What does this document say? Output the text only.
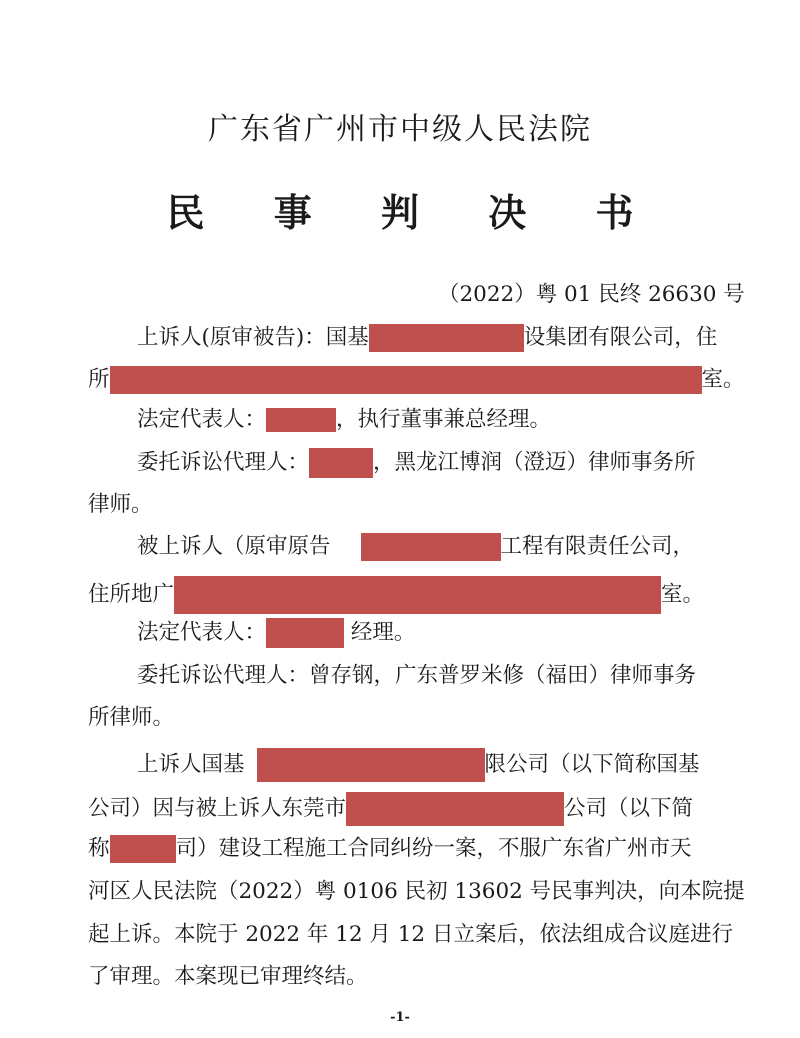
广东省广州市中级人民法院
民 事 判 决 书
（2022）粤 01 民终 26630 号
上诉人(原审被告)：国基	设集团有限公司，住
所	室。
法定代表人：	，执行董事兼总经理。
委托诉讼代理人：	，黑龙江博润（澄迈）律师事务所
律师。
被上诉人（原审原告	工程有限责任公司，
住所地广	室。
法定代表人：	经理。
委托诉讼代理人：曾存钢，广东普罗米修（福田）律师事务
所律师。
上诉人国基	限公司（以下简称国基
公司）因与被上诉人东莞市	公司（以下简
称	司）建设工程施工合同纠纷一案，不服广东省广州市天
河区人民法院（2022）粤 0106 民初 13602 号民事判决，向本院提
起上诉。本院于 2022 年 12 月 12 日立案后，依法组成合议庭进行
了审理。本案现已审理终结。
-1-
